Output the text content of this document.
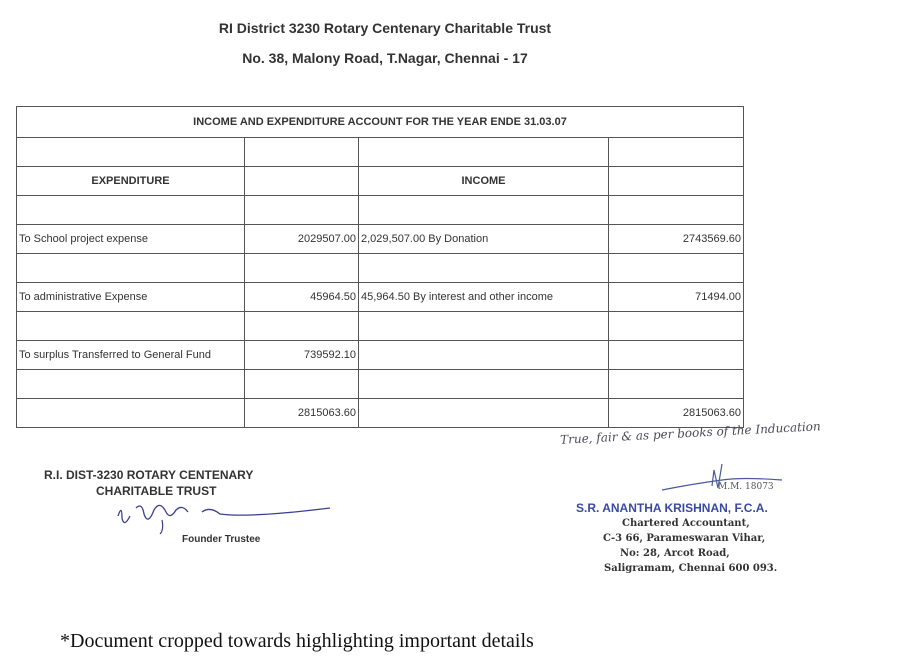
RI District 3230 Rotary Centenary Charitable Trust
No. 38, Malony Road, T.Nagar, Chennai - 17
INCOME AND EXPENDITURE ACCOUNT FOR THE YEAR ENDE 31.03.07			

EXPENDITURE		INCOME	

To School project expense	2029507.00	2,029,507.00 By Donation	2743569.60

To administrative Expense	45964.50	45,964.50 By interest and other income	71494.00

To surplus Transferred to General Fund	739592.10		

	2815063.60		2815063.60
True, fair & as per books of the Inducation
R.I. DIST-3230 ROTARY CENTENARY
CHARITABLE TRUST
Founder Trustee
M.M. 18073
S.R. ANANTHA KRISHNAN, F.C.A.
Chartered Accountant,
C-3 66, Parameswaran Vihar,
No: 28, Arcot Road,
Saligramam, Chennai 600 093.
*Document cropped towards highlighting important details
